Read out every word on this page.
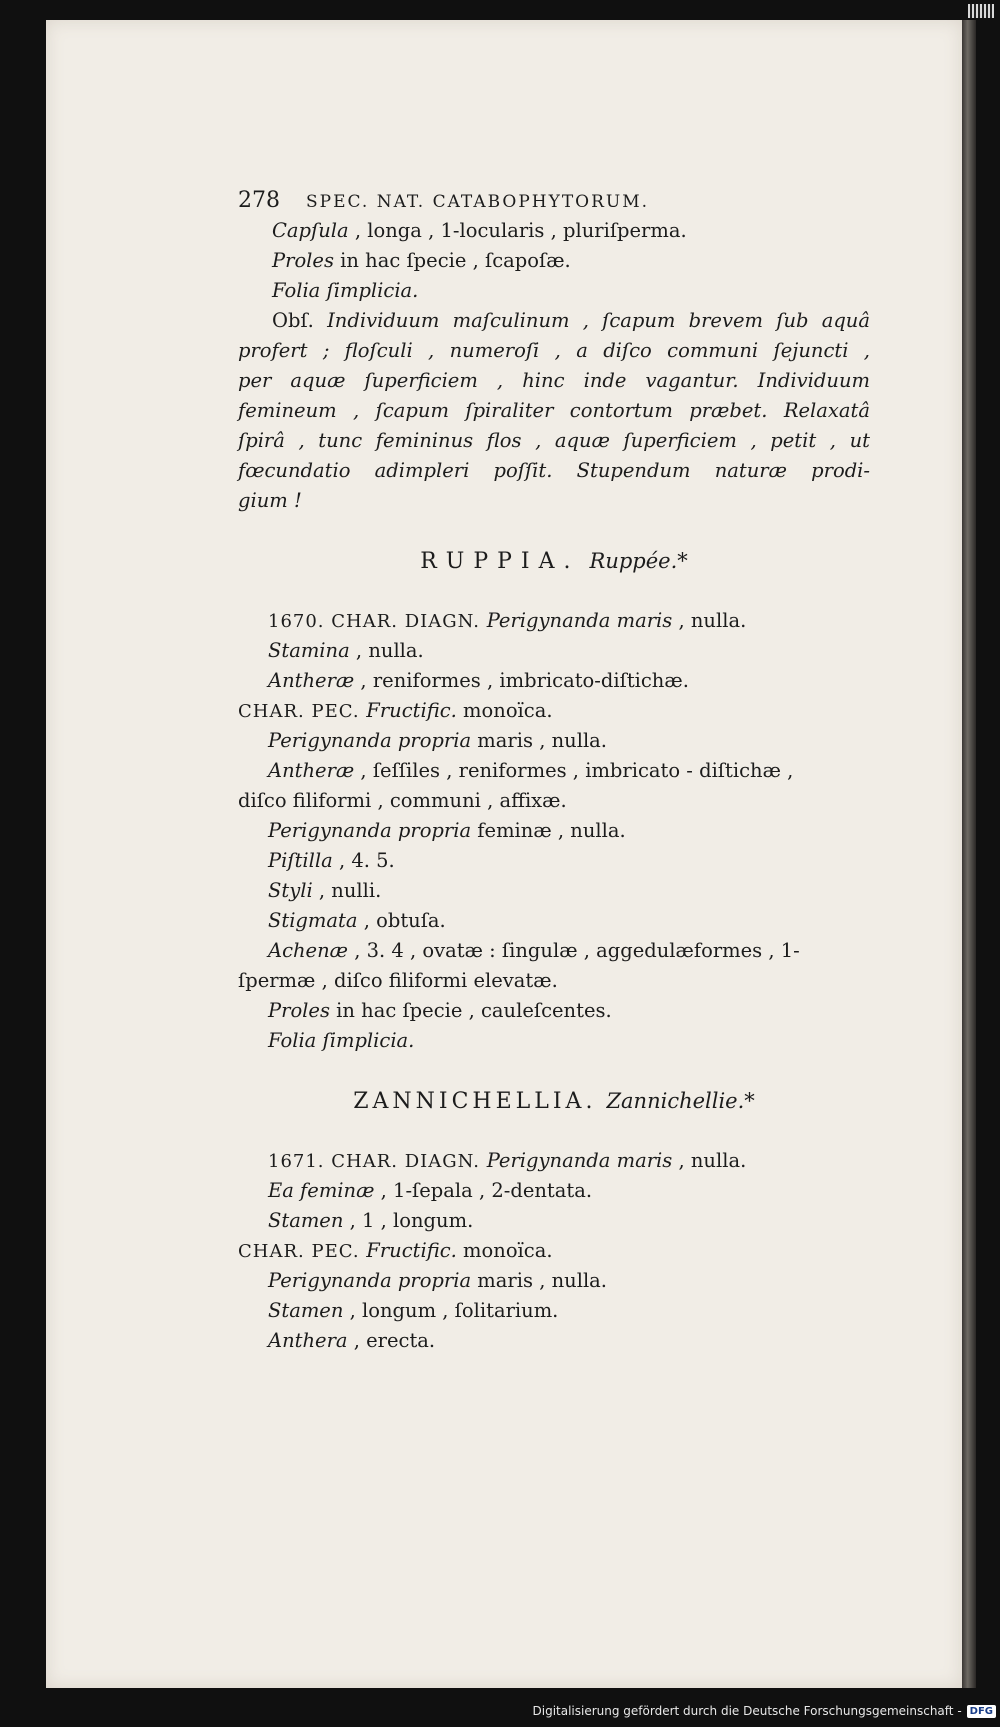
278 SPEC. NAT. CATABOPHYTORUM.
Capſula , longa , 1-locularis , pluriſperma.
Proles in hac ſpecie , ſcapoſæ.
Folia ſimplicia.
Obſ. Individuum maſculinum , ſcapum brevem ſub aquâ
profert ; floſculi , numeroſi , a diſco communi ſejuncti ,
per aquæ ſuperficiem , hinc inde vagantur. Individuum
femineum , ſcapum ſpiraliter contortum præbet. Relaxatâ
ſpirâ , tunc femininus flos , aquæ ſuperficiem , petit , ut
fœcundatio adimpleri poſſit. Stupendum naturæ prodi-
gium !
RUPPIA. Ruppée.*
1670. CHAR. DIAGN. Perigynanda maris , nulla.
Stamina , nulla.
Antheræ , reniformes , imbricato-diſtichæ.
CHAR. PEC. Fructific. monoïca.
Perigynanda propria maris , nulla.
Antheræ , ſeſſiles , reniformes , imbricato - diſtichæ ,
diſco filiformi , communi , affixæ.
Perigynanda propria feminæ , nulla.
Piſtilla , 4. 5.
Styli , nulli.
Stigmata , obtuſa.
Achenæ , 3. 4 , ovatæ : ſingulæ , aggedulæformes , 1-
ſpermæ , diſco filiformi elevatæ.
Proles in hac ſpecie , cauleſcentes.
Folia ſimplicia.
ZANNICHELLIA. Zannichellie.*
1671. CHAR. DIAGN. Perigynanda maris , nulla.
Ea feminæ , 1-ſepala , 2-dentata.
Stamen , 1 , longum.
CHAR. PEC. Fructific. monoïca.
Perigynanda propria maris , nulla.
Stamen , longum , ſolitarium.
Anthera , erecta.
Digitalisierung gefördert durch die Deutsche Forschungsgemeinschaft - DFG
